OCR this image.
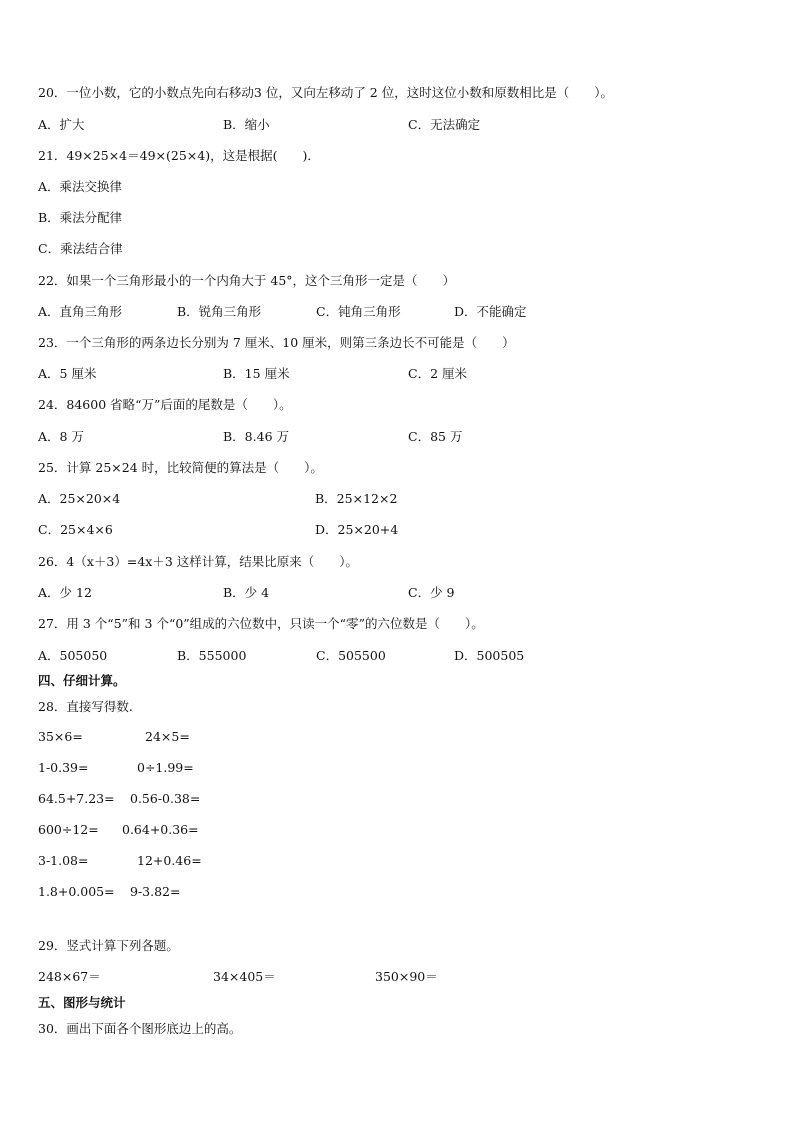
20．一位小数，它的小数点先向右移动3 位，又向左移动了 2 位，这时这位小数和原数相比是（　　）。
A．扩大	B．缩小	C．无法确定
21．49×25×4＝49×(25×4)，这是根据(　　)．
A．乘法交换律
B．乘法分配律
C．乘法结合律
22．如果一个三角形最小的一个内角大于 45°，这个三角形一定是（　　）
A．直角三角形	B．锐角三角形	C．钝角三角形	D．不能确定
23．一个三角形的两条边长分别为 7 厘米、10 厘米，则第三条边长不可能是（　　）
A．5 厘米	B．15 厘米	C．2 厘米
24．84600 省略“万”后面的尾数是（　　）。
A．8 万	B．8.46 万	C．85 万
25．计算 25×24 时，比较简便的算法是（　　）。
A．25×20×4	B．25×12×2
C．25×4×6	D．25×20+4
26．4（x＋3）=4x＋3 这样计算，结果比原来（　　）。
A．少 12	B．少 4	C．少 9
27．用 3 个“5”和 3 个“0”组成的六位数中，只读一个“零”的六位数是（　　）。
A．505050	B．555000	C．505500	D．500505
四、仔细计算。
28．直接写得数.
35×6=	24×5=
1-0.39=	0÷1.99=
64.5+7.23= 0.56-0.38=
600÷12= 0.64+0.36=
3-1.08=	12+0.46=
1.8+0.005= 9-3.82=
29．竖式计算下列各题。
248×67＝	34×405＝	350×90＝
五、图形与统计
30．画出下面各个图形底边上的高。
